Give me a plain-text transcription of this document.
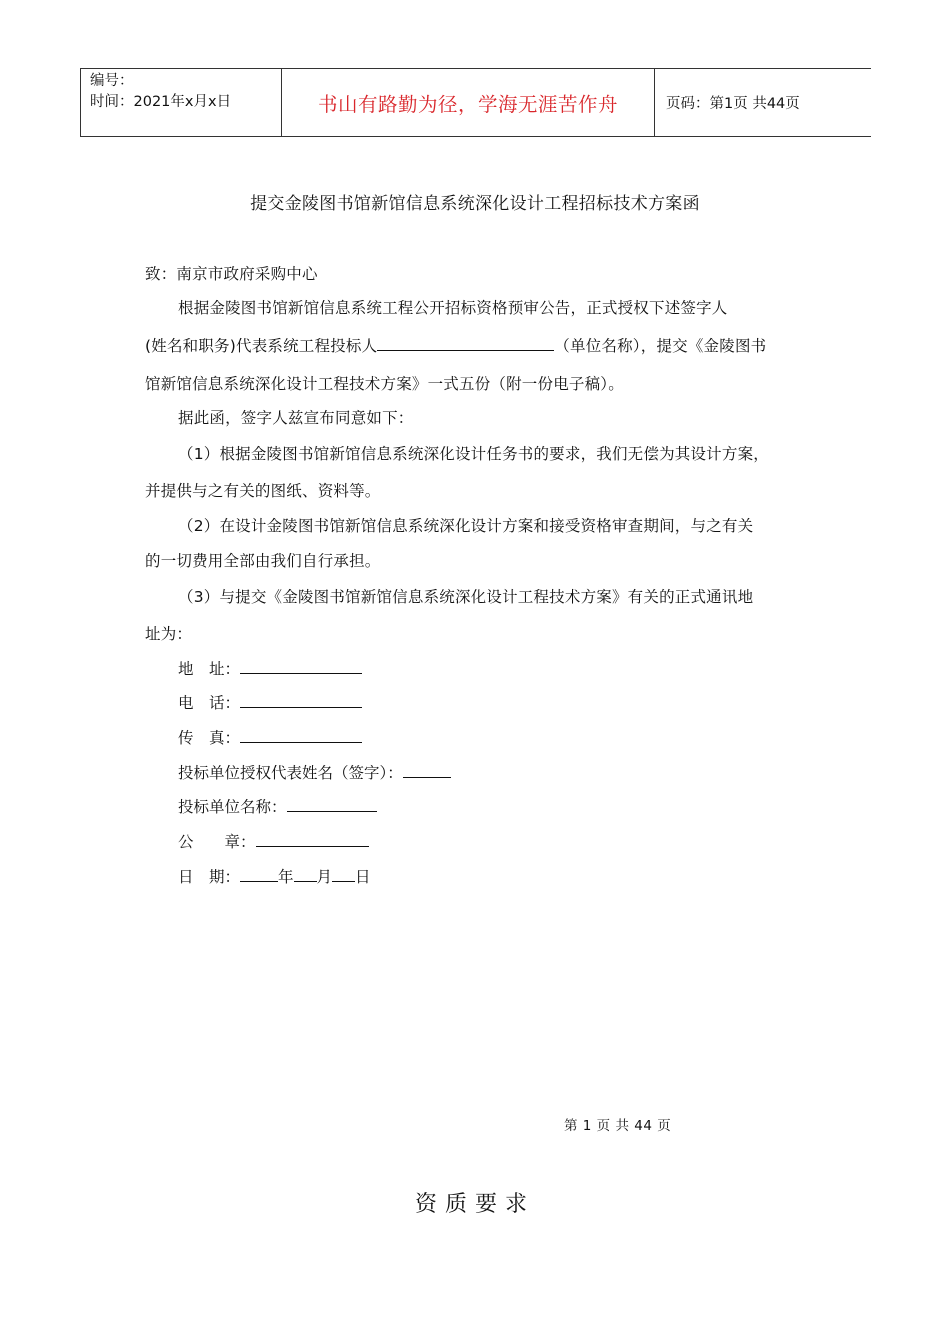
编号：
时间：2021年x月x日	书山有路勤为径，学海无涯苦作舟	页码：第1页 共44页
提交金陵图书馆新馆信息系统深化设计工程招标技术方案函
致：南京市政府采购中心
根据金陵图书馆新馆信息系统工程公开招标资格预审公告，正式授权下述签字人
(姓名和职务)代表系统工程投标人	（单位名称），提交《金陵图书
馆新馆信息系统深化设计工程技术方案》一式五份（附一份电子稿）。
据此函，签字人兹宣布同意如下：
（1）根据金陵图书馆新馆信息系统深化设计任务书的要求，我们无偿为其设计方案，
并提供与之有关的图纸、资料等。
（2）在设计金陵图书馆新馆信息系统深化设计方案和接受资格审查期间，与之有关
的一切费用全部由我们自行承担。
（3）与提交《金陵图书馆新馆信息系统深化设计工程技术方案》有关的正式通讯地
址为：
地　址：
电　话：
传　真：
投标单位授权代表姓名（签字）：
投标单位名称：
公　　章：
日　期： 年 月 日
第 1 页 共 44 页
资质要求
